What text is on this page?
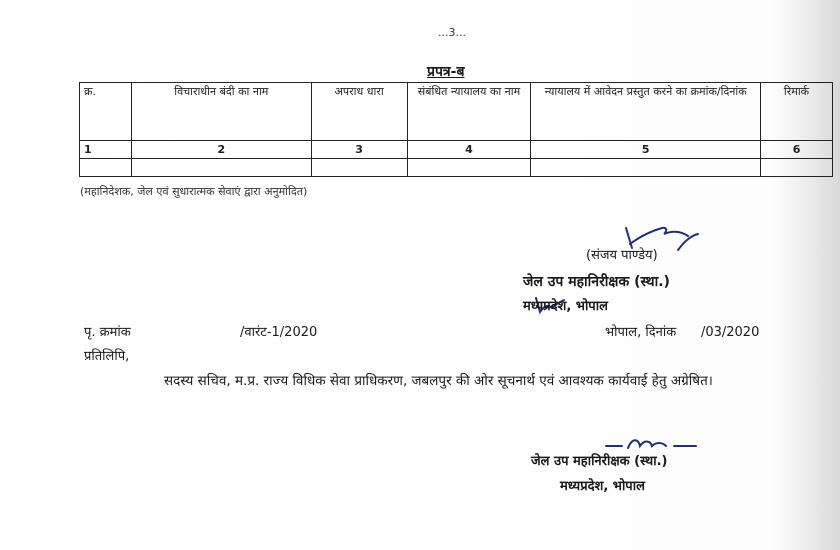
...3...
प्रपत्र-ब
क्र.	विचाराधीन बंदी का नाम	अपराध धारा	संबंधित न्यायालय का नाम	न्यायालय में आवेदन प्रस्तुत करने का क्रमांक/दिनांक	रिमार्क
1	2	3	4	5	6

(महानिदेशक, जेल एवं सुधारात्मक सेवाएं द्वारा अनुमोदित)
(संजय पाण्डेय)
जेल उप महानिरीक्षक (स्था.)
मध्यप्रदेश, भोपाल
पृ. क्रमांक	/वारंट-1/2020	भोपाल, दिनांक      /03/2020
प्रतिलिपि,
सदस्य सचिव, म.प्र. राज्य विधिक सेवा प्राधिकरण, जबलपुर की ओर सूचनार्थ एवं आवश्यक कार्यवाई हेतु अग्रेषित।
जेल उप महानिरीक्षक (स्था.)
मध्यप्रदेश, भोपाल
